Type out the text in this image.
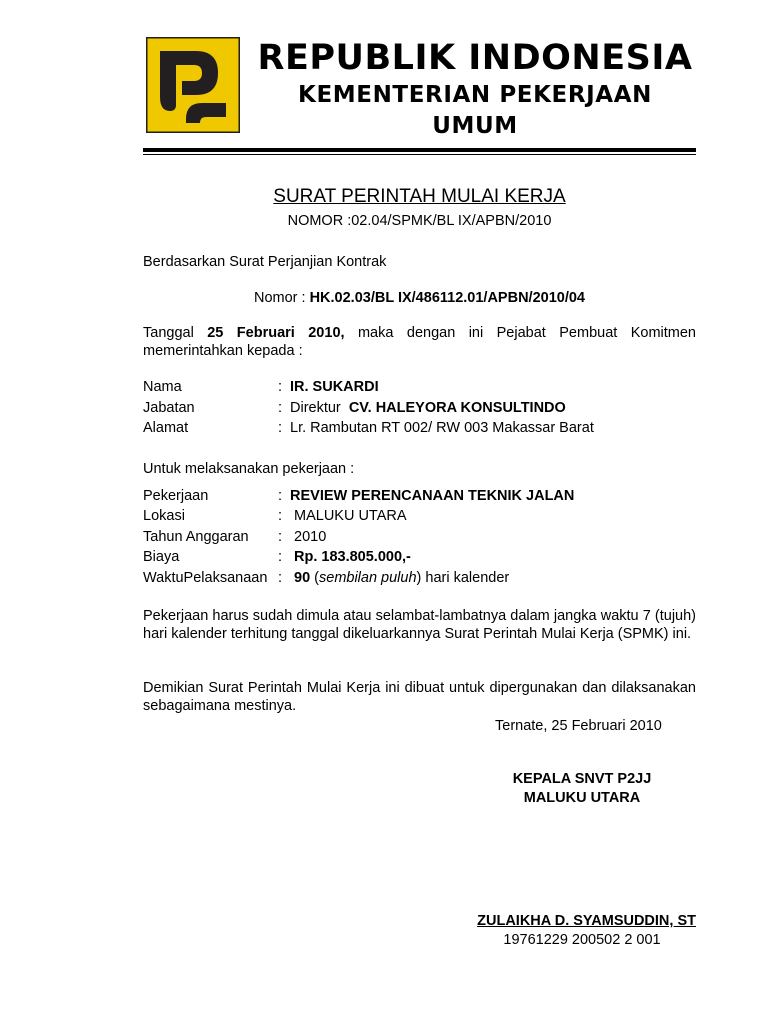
REPUBLIK INDONESIA
KEMENTERIAN PEKERJAAN UMUM
SURAT PERINTAH MULAI KERJA
NOMOR :02.04/SPMK/BL IX/APBN/2010
Berdasarkan Surat Perjanjian Kontrak
Nomor : HK.02.03/BL IX/486112.01/APBN/2010/04
Tanggal 25 Februari 2010, maka dengan ini Pejabat Pembuat Komitmen memerintahkan kepada :
Nama	: IR. SUKARDI
Jabatan	: Direktur  CV. HALEYORA KONSULTINDO
Alamat	: Lr. Rambutan RT 002/ RW 003 Makassar Barat
Untuk melaksanakan pekerjaan :
Pekerjaan	: REVIEW PERENCANAAN TEKNIK JALAN
Lokasi	: MALUKU UTARA
Tahun Anggaran : 2010
Biaya	: Rp. 183.805.000,-
WaktuPelaksanaan : 90 (sembilan puluh) hari kalender
Pekerjaan harus sudah dimula atau selambat-lambatnya dalam jangka waktu 7 (tujuh) hari kalender terhitung tanggal dikeluarkannya Surat Perintah Mulai Kerja (SPMK) ini.
Demikian Surat Perintah Mulai Kerja ini dibuat untuk dipergunakan dan dilaksanakan sebagaimana mestinya.
Ternate, 25 Februari 2010
KEPALA SNVT P2JJ
MALUKU UTARA
ZULAIKHA D. SYAMSUDDIN, ST
19761229 200502 2 001
